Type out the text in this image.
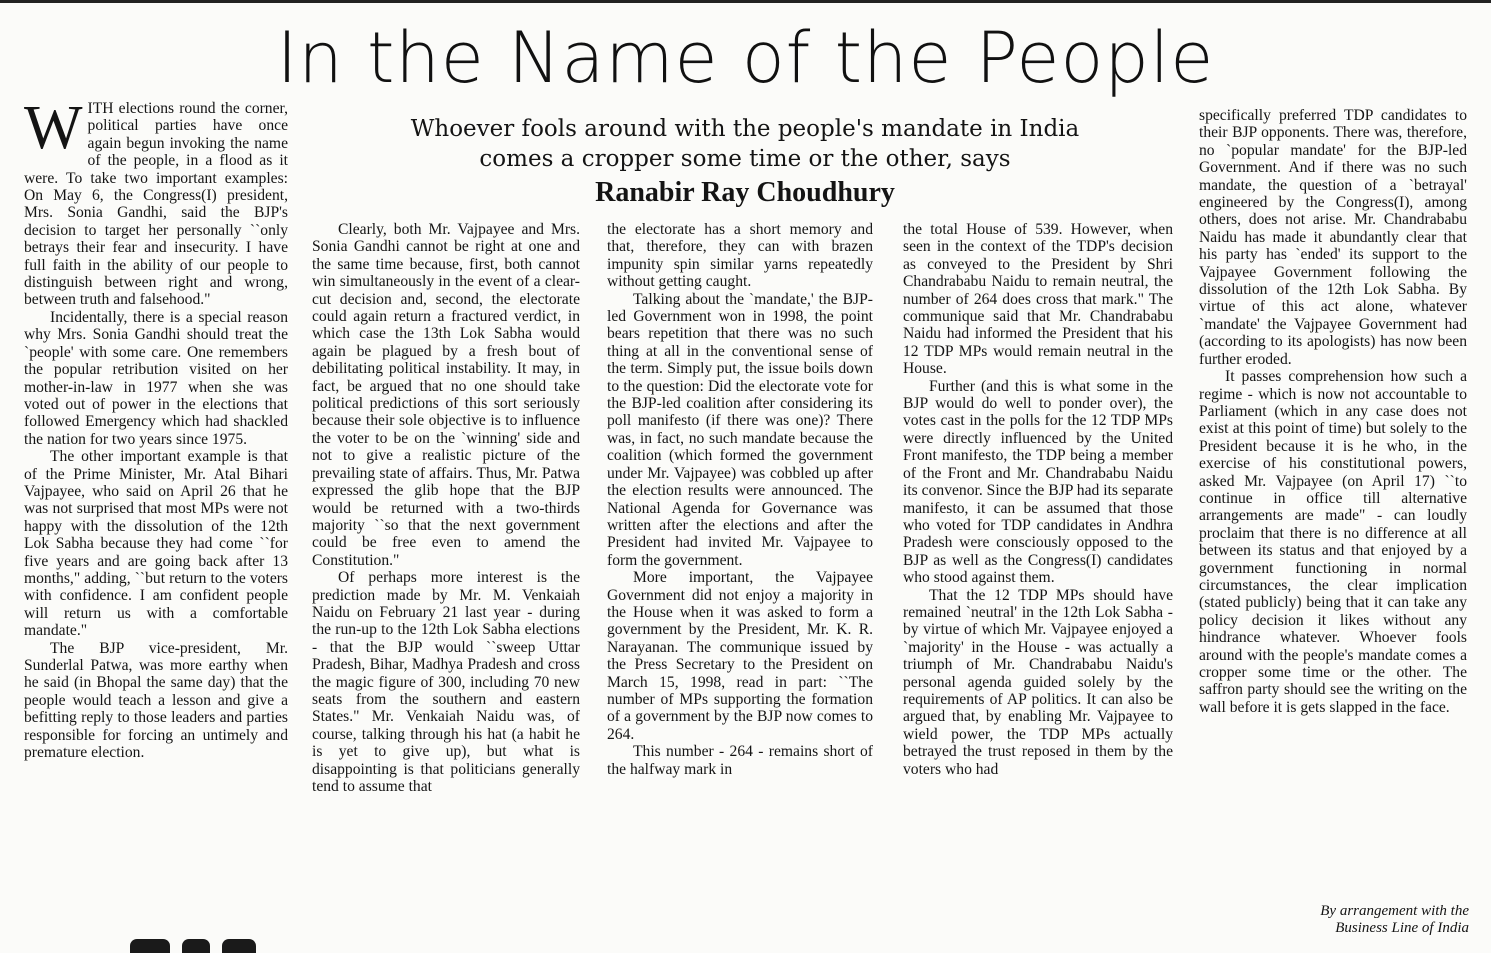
In the Name of the People
Whoever fools around with the people's mandate in India
comes a cropper some time or the other, says
Ranabir Ray Choudhury

WITH elections round the corner, political parties have once again begun invoking the name of the people, in a flood as it were. To take two important examples: On May 6, the Congress(I) president, Mrs. Sonia Gandhi, said the BJP's decision to target her personally ``only betrays their fear and insecurity. I have full faith in the ability of our people to distinguish between right and wrong, between truth and falsehood."

Incidentally, there is a special reason why Mrs. Sonia Gandhi should treat the `people' with some care. One remembers the popular retribution visited on her mother-in-law in 1977 when she was voted out of power in the elections that followed Emergency which had shackled the nation for two years since 1975.

The other important example is that of the Prime Minister, Mr. Atal Bihari Vajpayee, who said on April 26 that he was not surprised that most MPs were not happy with the dissolution of the 12th Lok Sabha because they had come ``for five years and are going back after 13 months," adding, ``but return to the voters with confidence. I am confident people will return us with a comfortable mandate."

The BJP vice-president, Mr. Sunderlal Patwa, was more earthy when he said (in Bhopal the same day) that the people would teach a lesson and give a befitting reply to those leaders and parties responsible for forcing an untimely and premature election.

Clearly, both Mr. Vajpayee and Mrs. Sonia Gandhi cannot be right at one and the same time because, first, both cannot win simultaneously in the event of a clear-cut decision and, second, the electorate could again return a fractured verdict, in which case the 13th Lok Sabha would again be plagued by a fresh bout of debilitating political instability. It may, in fact, be argued that no one should take political predictions of this sort seriously because their sole objective is to influence the voter to be on the `winning' side and not to give a realistic picture of the prevailing state of affairs. Thus, Mr. Patwa expressed the glib hope that the BJP would be returned with a two-thirds majority ``so that the next government could be free even to amend the Constitution."

Of perhaps more interest is the prediction made by Mr. M. Venkaiah Naidu on February 21 last year - during the run-up to the 12th Lok Sabha elections - that the BJP would ``sweep Uttar Pradesh, Bihar, Madhya Pradesh and cross the magic figure of 300, including 70 new seats from the southern and eastern States." Mr. Venkaiah Naidu was, of course, talking through his hat (a habit he is yet to give up), but what is disappointing is that politicians generally tend to assume that

the electorate has a short memory and that, therefore, they can with brazen impunity spin similar yarns repeatedly without getting caught.

Talking about the `mandate,' the BJP-led Government won in 1998, the point bears repetition that there was no such thing at all in the conventional sense of the term. Simply put, the issue boils down to the question: Did the electorate vote for the BJP-led coalition after considering its poll manifesto (if there was one)? There was, in fact, no such mandate because the coalition (which formed the government under Mr. Vajpayee) was cobbled up after the election results were announced. The National Agenda for Governance was written after the elections and after the President had invited Mr. Vajpayee to form the government.

More important, the Vajpayee Government did not enjoy a majority in the House when it was asked to form a government by the President, Mr. K. R. Narayanan. The communique issued by the Press Secretary to the President on March 15, 1998, read in part: ``The number of MPs supporting the formation of a government by the BJP now comes to 264.

This number - 264 - remains short of the halfway mark in

the total House of 539. However, when seen in the context of the TDP's decision as conveyed to the President by Shri Chandrababu Naidu to remain neutral, the number of 264 does cross that mark." The communique said that Mr. Chandrababu Naidu had informed the President that his 12 TDP MPs would remain neutral in the House.

Further (and this is what some in the BJP would do well to ponder over), the votes cast in the polls for the 12 TDP MPs were directly influenced by the United Front manifesto, the TDP being a member of the Front and Mr. Chandrababu Naidu its convenor. Since the BJP had its separate manifesto, it can be assumed that those who voted for TDP candidates in Andhra Pradesh were consciously opposed to the BJP as well as the Congress(I) candidates who stood against them.

That the 12 TDP MPs should have remained `neutral' in the 12th Lok Sabha - by virtue of which Mr. Vajpayee enjoyed a `majority' in the House - was actually a triumph of Mr. Chandrababu Naidu's personal agenda guided solely by the requirements of AP politics. It can also be argued that, by enabling Mr. Vajpayee to wield power, the TDP MPs actually betrayed the trust reposed in them by the voters who had

specifically preferred TDP candidates to their BJP opponents. There was, therefore, no `popular mandate' for the BJP-led Government. And if there was no such mandate, the question of a `betrayal' engineered by the Congress(I), among others, does not arise. Mr. Chandrababu Naidu has made it abundantly clear that his party has `ended' its support to the Vajpayee Government following the dissolution of the 12th Lok Sabha. By virtue of this act alone, whatever `mandate' the Vajpayee Government had (according to its apologists) has now been further eroded.

It passes comprehension how such a regime - which is now not accountable to Parliament (which in any case does not exist at this point of time) but solely to the President because it is he who, in the exercise of his constitutional powers, asked Mr. Vajpayee (on April 17) ``to continue in office till alternative arrangements are made" - can loudly proclaim that there is no difference at all between its status and that enjoyed by a government functioning in normal circumstances, the clear implication (stated publicly) being that it can take any policy decision it likes without any hindrance whatever. Whoever fools around with the people's mandate comes a cropper some time or the other. The saffron party should see the writing on the wall before it is gets slapped in the face.

By arrangement with the
Business Line of India
